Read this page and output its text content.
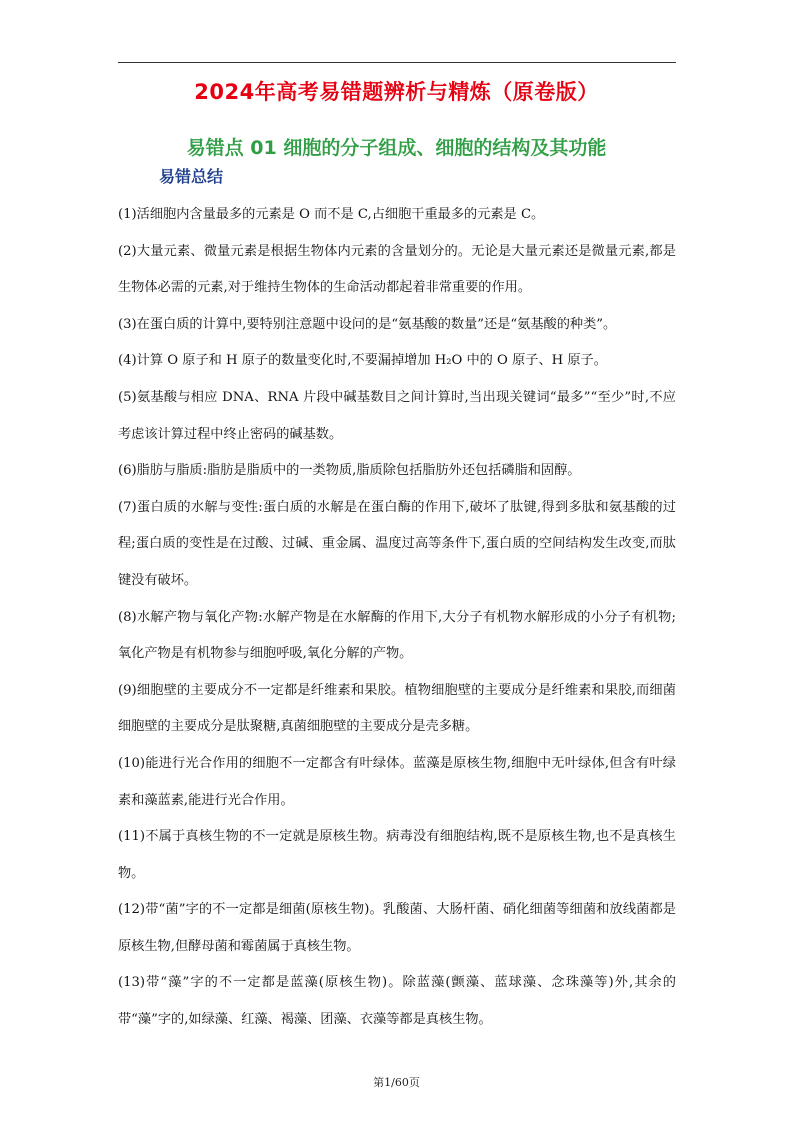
2024年高考易错题辨析与精炼（原卷版）
易错点 01 细胞的分子组成、细胞的结构及其功能
易错总结

(1)活细胞内含量最多的元素是 O 而不是 C,占细胞干重最多的元素是 C。

(2)大量元素、微量元素是根据生物体内元素的含量划分的。无论是大量元素还是微量元素,都是生物体必需的元素,对于维持生物体的生命活动都起着非常重要的作用。

(3)在蛋白质的计算中,要特别注意题中设问的是“氨基酸的数量”还是“氨基酸的种类”。

(4)计算 O 原子和 H 原子的数量变化时,不要漏掉增加 H₂O 中的 O 原子、H 原子。

(5)氨基酸与相应 DNA、RNA 片段中碱基数目之间计算时,当出现关键词“最多”“至少”时,不应考虑该计算过程中终止密码的碱基数。

(6)脂肪与脂质:脂肪是脂质中的一类物质,脂质除包括脂肪外还包括磷脂和固醇。

(7)蛋白质的水解与变性:蛋白质的水解是在蛋白酶的作用下,破坏了肽键,得到多肽和氨基酸的过程;蛋白质的变性是在过酸、过碱、重金属、温度过高等条件下,蛋白质的空间结构发生改变,而肽键没有破坏。

(8)水解产物与氧化产物:水解产物是在水解酶的作用下,大分子有机物水解形成的小分子有机物;氧化产物是有机物参与细胞呼吸,氧化分解的产物。

(9)细胞壁的主要成分不一定都是纤维素和果胶。植物细胞壁的主要成分是纤维素和果胶,而细菌细胞壁的主要成分是肽聚糖,真菌细胞壁的主要成分是壳多糖。

(10)能进行光合作用的细胞不一定都含有叶绿体。蓝藻是原核生物,细胞中无叶绿体,但含有叶绿素和藻蓝素,能进行光合作用。

(11)不属于真核生物的不一定就是原核生物。病毒没有细胞结构,既不是原核生物,也不是真核生物。

(12)带“菌”字的不一定都是细菌(原核生物)。乳酸菌、大肠杆菌、硝化细菌等细菌和放线菌都是原核生物,但酵母菌和霉菌属于真核生物。

(13)带“藻”字的不一定都是蓝藻(原核生物)。除蓝藻(颤藻、蓝球藻、念珠藻等)外,其余的带“藻”字的,如绿藻、红藻、褐藻、团藻、衣藻等都是真核生物。

第1/60页
